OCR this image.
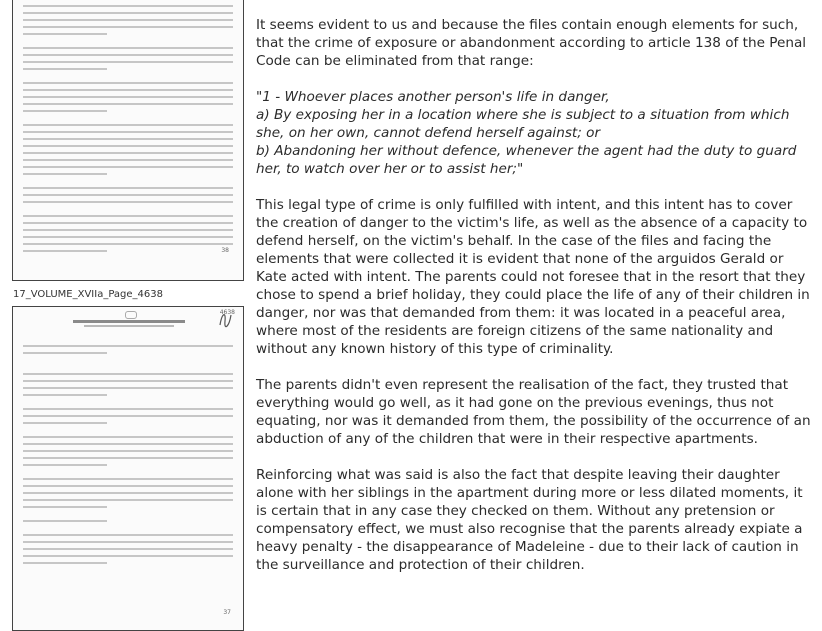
38
17_VOLUME_XVIIa_Page_4638
4638
37

It seems evident to us and because the files contain enough elements for such, that the crime of exposure or abandonment according to article 138 of the Penal Code can be eliminated from that range:

"1 - Whoever places another person's life in danger,
a) By exposing her in a location where she is subject to a situation from which she, on her own, cannot defend herself against; or
b) Abandoning her without defence, whenever the agent had the duty to guard her, to watch over her or to assist her;"

This legal type of crime is only fulfilled with intent, and this intent has to cover the creation of danger to the victim's life, as well as the absence of a capacity to defend herself, on the victim's behalf. In the case of the files and facing the elements that were collected it is evident that none of the arguidos Gerald or Kate acted with intent. The parents could not foresee that in the resort that they chose to spend a brief holiday, they could place the life of any of their children in danger, nor was that demanded from them: it was located in a peaceful area, where most of the residents are foreign citizens of the same nationality and without any known history of this type of criminality.

The parents didn't even represent the realisation of the fact, they trusted that everything would go well, as it had gone on the previous evenings, thus not equating, nor was it demanded from them, the possibility of the occurrence of an abduction of any of the children that were in their respective apartments.

Reinforcing what was said is also the fact that despite leaving their daughter alone with her siblings in the apartment during more or less dilated moments, it is certain that in any case they checked on them. Without any pretension or compensatory effect, we must also recognise that the parents already expiate a heavy penalty - the disappearance of Madeleine - due to their lack of caution in the surveillance and protection of their children.
